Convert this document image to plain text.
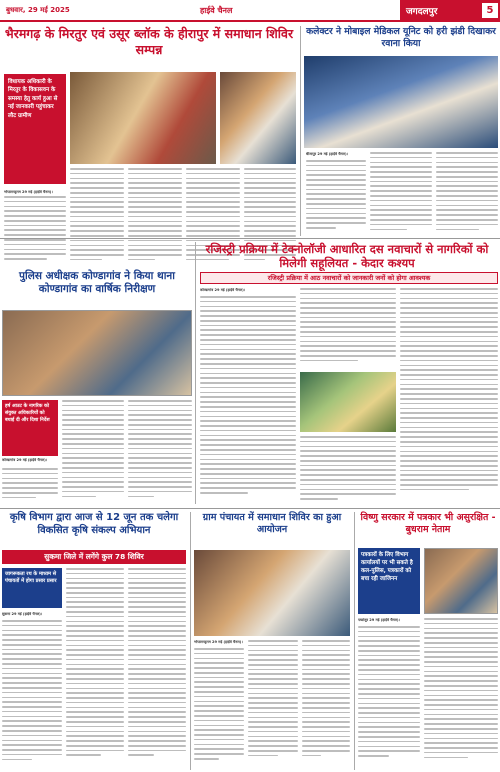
बुधवार, 29 मई 2025	हाईवे चैनल	जगदलपुर	5
भैरमगढ़ के मिरतुर एवं उसूर ब्लॉक के हीरापुर में समाधान शिविर सम्पन्न
विधायक अधिकारी के मिरतुर के विकासवन के समस्या हेतु कार्य हुआ से नई जानकारी पहुंचाकर लौट ग्रामीण
भोपालपट्टनम 29 मई (हाईवे चैनल)।
कलेक्टर ने मोबाइल मेडिकल यूनिट को हरी झंडी दिखाकर रवाना किया
बीजापुर 29 मई (हाईवे चैनल)।
रजिस्ट्री प्रक्रिया में टेक्नोलॉजी आधारित दस नवाचारों से नागरिकों को मिलेगी सहूलियत - केदार कश्यप
पुलिस अधीक्षक कोण्डागांव ने किया थाना कोण्डागांव का वार्षिक निरीक्षण
हर्ष आउट के नागरिक को संयुक्त अधिकारियों को बधाई दी और दिशा निर्देश
कोण्डागांव 29 मई (हाईवे चैनल)।
रजिस्ट्री प्रक्रिया में आठ नवाचारों को जानकारी जनों को होगा आवश्यक
कोण्डागांव 29 मई (हाईवे चैनल)।
कृषि विभाग द्वारा आज से 12 जून तक चलेगा विकसित कृषि संकल्प अभियान
सुकमा जिले में लगेंगे कुल 78 शिविर
जागरूकता रथ के माध्यम से पंचायतों में होगा प्रसार प्रसार
सुकमा 29 मई (हाईवे चैनल)।
ग्राम पंचायत में समाधान शिविर का हुआ आयोजन
भोपालपट्टनम 29 मई (हाईवे चैनल)।
विष्णु सरकार में पत्रकार भी असुरक्षित - बुधराम नेताम
पत्रकारों के लिए विभाग कार्यालयों पर भी सकते है कल-पुलिस, पत्रकारों को बचा रही जाजिनन
पखांजुर 29 मई (हाईवे चैनल)।
